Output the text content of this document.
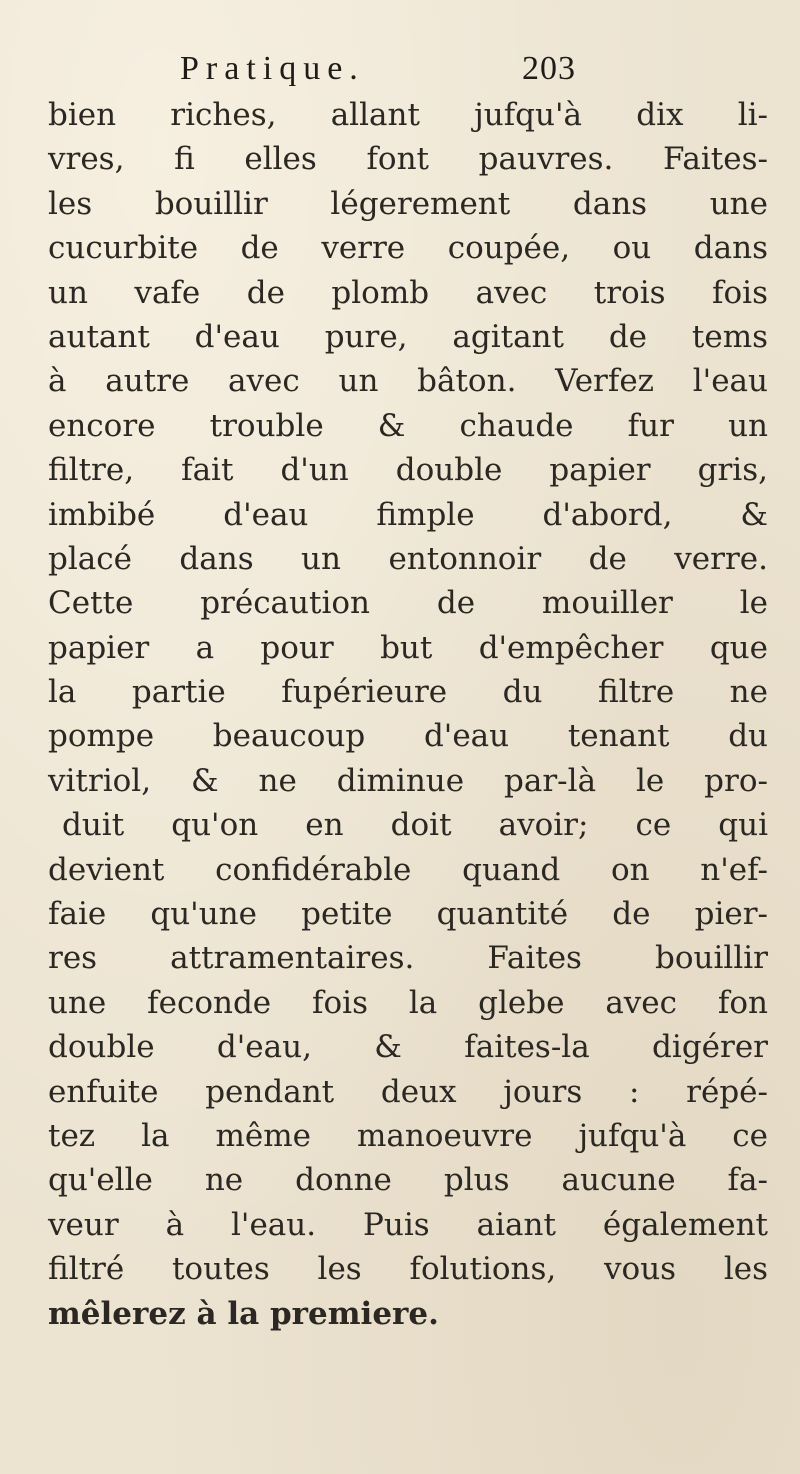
Pratique.	203
bien riches, allant jufqu'à dix li-
vres, fi elles font pauvres. Faites-
les bouillir légerement dans une
cucurbite de verre coupée, ou dans
un vafe de plomb avec trois fois
autant d'eau pure, agitant de tems
à autre avec un bâton. Verfez l'eau
encore trouble & chaude fur un
filtre, fait d'un double papier gris,
imbibé d'eau fimple d'abord, &
placé dans un entonnoir de verre.
Cette précaution de mouiller le
papier a pour but d'empêcher que
la partie fupérieure du filtre ne
pompe beaucoup d'eau tenant du
vitriol, & ne diminue par-là le pro-
duit qu'on en doit avoir; ce qui
devient confidérable quand on n'ef-
faie qu'une petite quantité de pier-
res attramentaires. Faites bouillir
une feconde fois la glebe avec fon
double d'eau, & faites-la digérer
enfuite pendant deux jours : répé-
tez la même manoeuvre jufqu'à ce
qu'elle ne donne plus aucune fa-
veur à l'eau. Puis aiant également
filtré toutes les folutions, vous les
mêlerez à la premiere.
